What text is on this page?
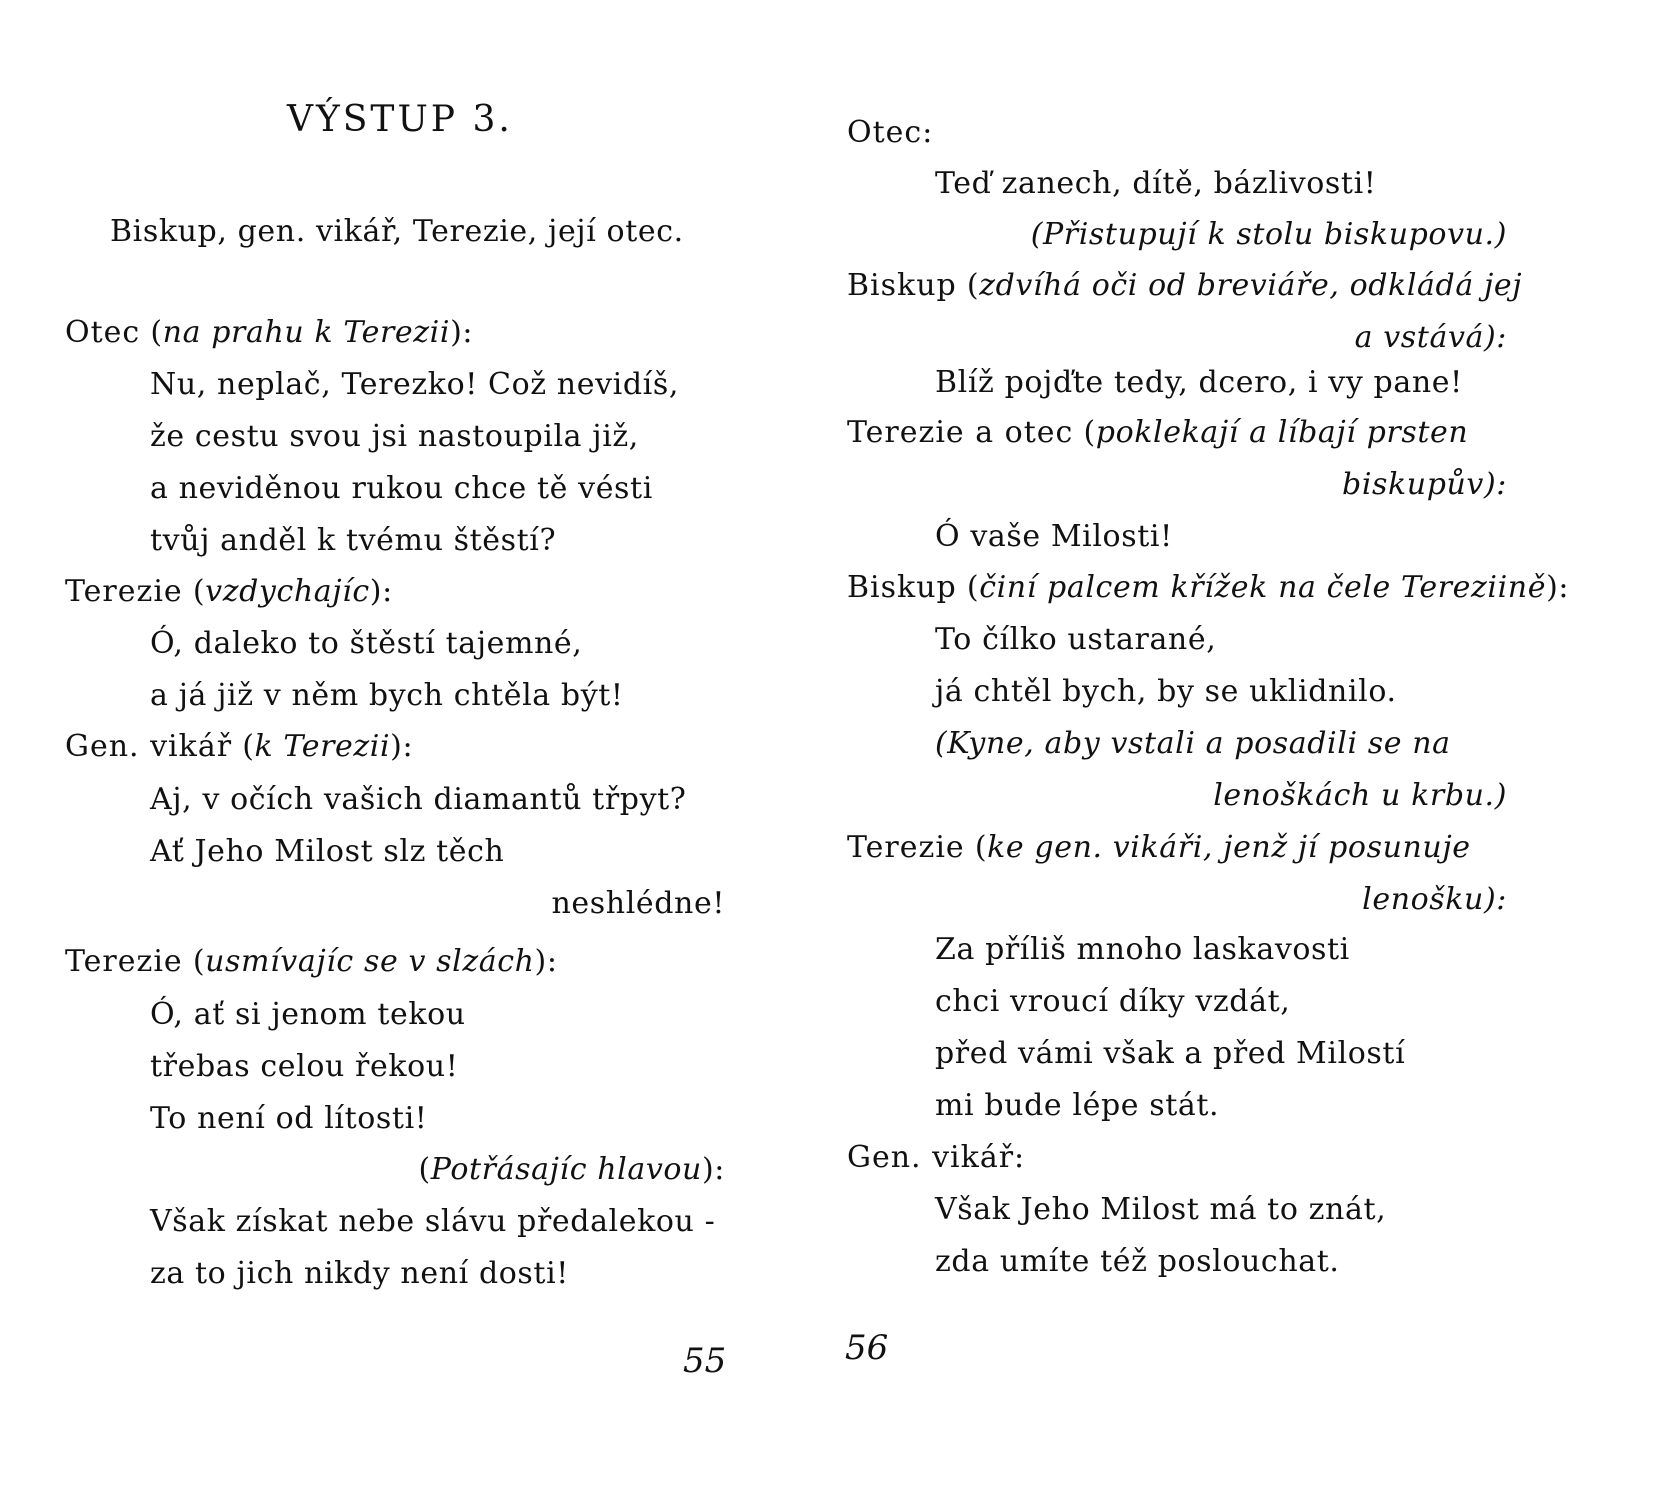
VÝSTUP 3.
Biskup, gen. vikář, Terezie, její otec.
Otec (na prahu k Terezii):
Nu, neplač, Terezko! Což nevidíš,
že cestu svou jsi nastoupila již,
a neviděnou rukou chce tě vésti
tvůj anděl k tvému štěstí?
Terezie (vzdychajíc):
Ó, daleko to štěstí tajemné,
a já již v něm bych chtěla být!
Gen. vikář (k Terezii):
Aj, v očích vašich diamantů třpyt?
Ať Jeho Milost slz těch
neshlédne!
Terezie (usmívajíc se v slzách):
Ó, ať si jenom tekou
třebas celou řekou!
To není od lítosti!
(Potřásajíc hlavou):
Však získat nebe slávu předalekou -
za to jich nikdy není dosti!
55
Otec:
Teď zanech, dítě, bázlivosti!
(Přistupují k stolu biskupovu.)
Biskup (zdvíhá oči od breviáře, odkládá jej
a vstává):
Blíž pojďte tedy, dcero, i vy pane!
Terezie a otec (poklekají a líbají prsten
biskupův):
Ó vaše Milosti!
Biskup (činí palcem křížek na čele Tereziině):
To čílko ustarané,
já chtěl bych, by se uklidnilo.
(Kyne, aby vstali a posadili se na
lenoškách u krbu.)
Terezie (ke gen. vikáři, jenž jí posunuje
lenošku):
Za příliš mnoho laskavosti
chci vroucí díky vzdát,
před vámi však a před Milostí
mi bude lépe stát.
Gen. vikář:
Však Jeho Milost má to znát,
zda umíte též poslouchat.
56
